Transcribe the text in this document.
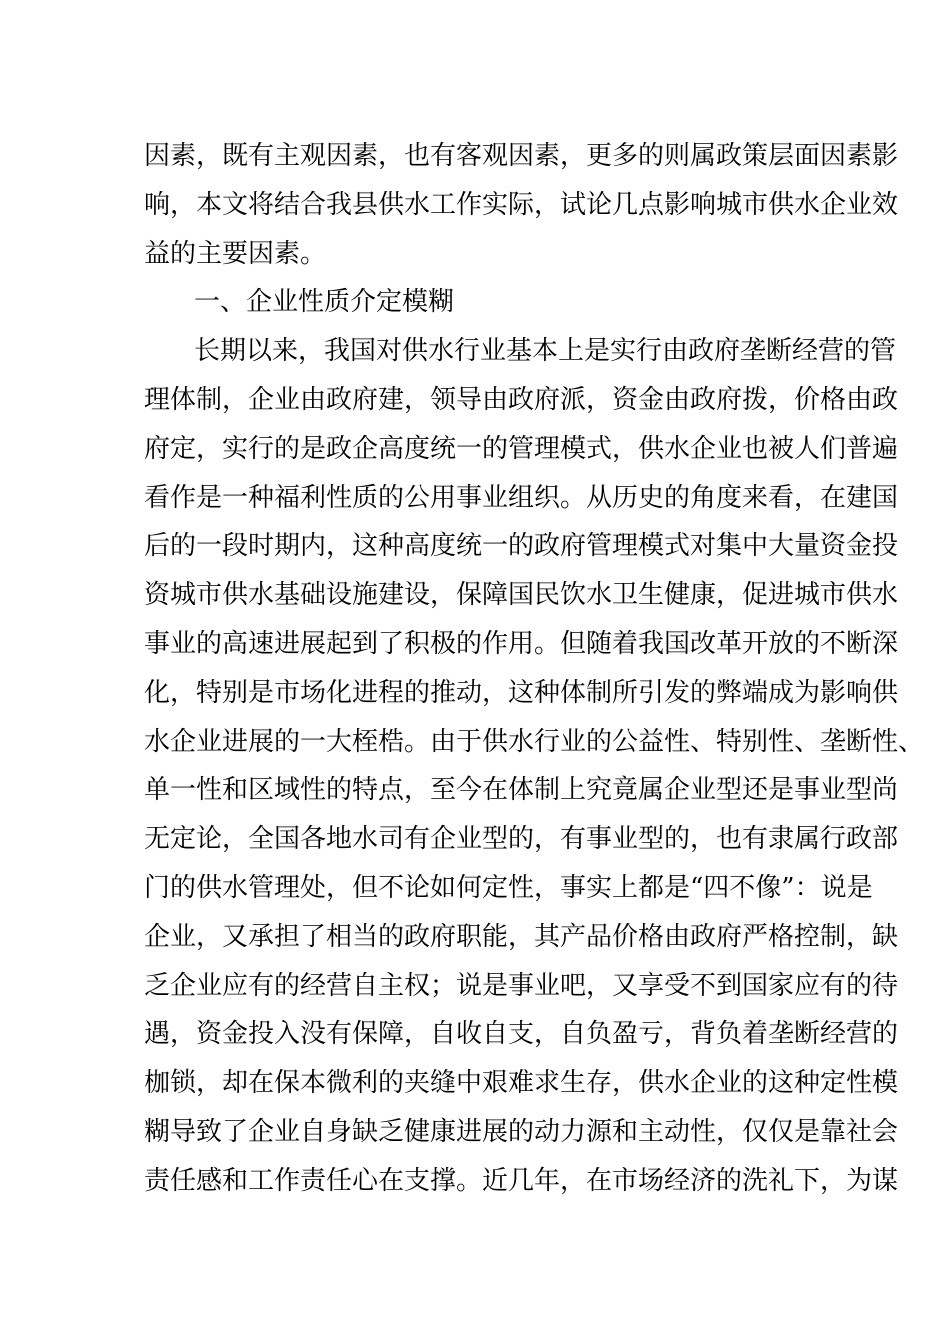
因素，既有主观因素，也有客观因素，更多的则属政策层面因素影
响，本文将结合我县供水工作实际，试论几点影响城市供水企业效
益的主要因素。
一、企业性质介定模糊
长期以来，我国对供水行业基本上是实行由政府垄断经营的管
理体制，企业由政府建，领导由政府派，资金由政府拨，价格由政
府定，实行的是政企高度统一的管理模式，供水企业也被人们普遍
看作是一种福利性质的公用事业组织。从历史的角度来看，在建国
后的一段时期内，这种高度统一的政府管理模式对集中大量资金投
资城市供水基础设施建设，保障国民饮水卫生健康，促进城市供水
事业的高速进展起到了积极的作用。但随着我国改革开放的不断深
化，特别是市场化进程的推动，这种体制所引发的弊端成为影响供
水企业进展的一大桎梏。由于供水行业的公益性、特别性、垄断性、
单一性和区域性的特点，至今在体制上究竟属企业型还是事业型尚
无定论，全国各地水司有企业型的，有事业型的，也有隶属行政部
门的供水管理处，但不论如何定性，事实上都是“四不像”：说是
企业，又承担了相当的政府职能，其产品价格由政府严格控制，缺
乏企业应有的经营自主权；说是事业吧，又享受不到国家应有的待
遇，资金投入没有保障，自收自支，自负盈亏，背负着垄断经营的
枷锁，却在保本微利的夹缝中艰难求生存，供水企业的这种定性模
糊导致了企业自身缺乏健康进展的动力源和主动性，仅仅是靠社会
责任感和工作责任心在支撑。近几年，在市场经济的洗礼下，为谋
